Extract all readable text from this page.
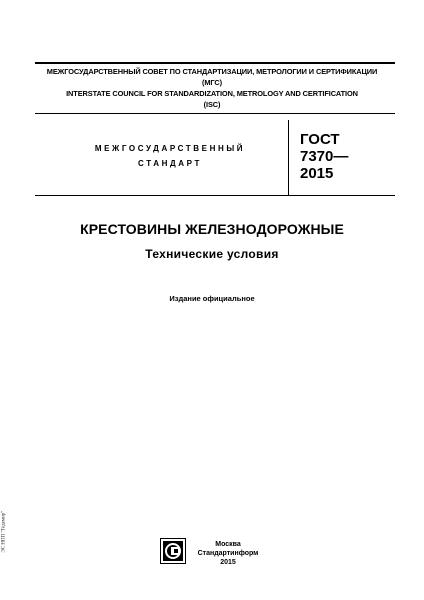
МЕЖГОСУДАРСТВЕННЫЙ СОВЕТ ПО СТАНДАРТИЗАЦИИ, МЕТРОЛОГИИ И СЕРТИФИКАЦИИ
(МГС)
INTERSTATE COUNCIL FOR STANDARDIZATION, METROLOGY AND CERTIFICATION
(ISC)
МЕЖГОСУДАРСТВЕННЫЙ
СТАНДАРТ
ГОСТ
7370—
2015
КРЕСТОВИНЫ ЖЕЛЕЗНОДОРОЖНЫЕ
Технические условия
Издание официальное
ЭС НПП "Гедемир"	Москва
Стандартинформ
2015
